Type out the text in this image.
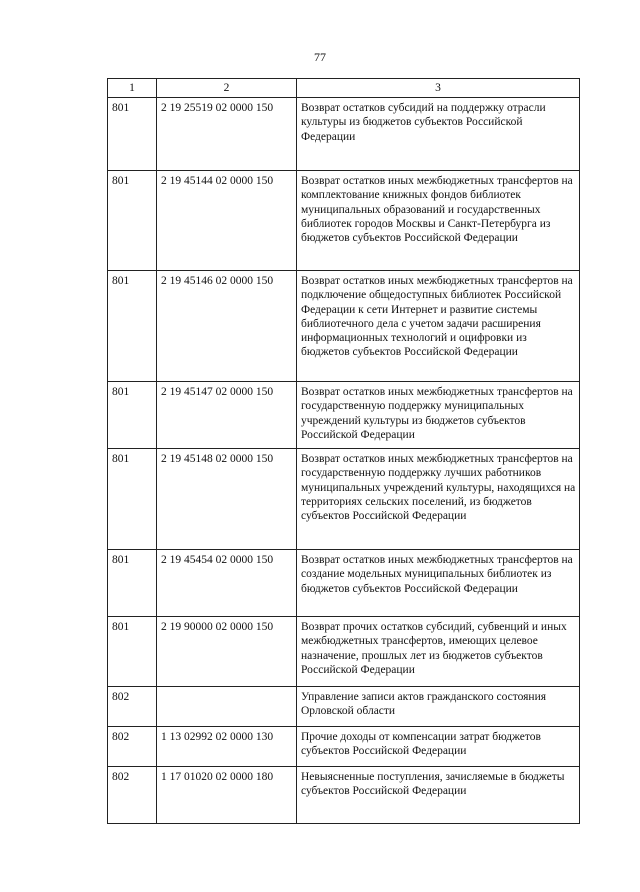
77
1	2	3
801	2 19 25519 02 0000 150	Возврат остатков субсидий на поддержку отрасли культуры из бюджетов субъектов Российской Федерации
801	2 19 45144 02 0000 150	Возврат остатков иных межбюджетных трансфертов на комплектование книжных фондов библиотек муниципальных образований и государственных библиотек городов Москвы и Санкт-Петербурга из бюджетов субъектов Российской Федерации
801	2 19 45146 02 0000 150	Возврат остатков иных межбюджетных трансфертов на подключение общедоступных библиотек Российской Федерации к сети Интернет и развитие системы библиотечного дела с учетом задачи расширения информационных технологий и оцифровки из бюджетов субъектов Российской Федерации
801	2 19 45147 02 0000 150	Возврат остатков иных межбюджетных трансфертов на государственную поддержку муниципальных учреждений культуры из бюджетов субъектов Российской Федерации
801	2 19 45148 02 0000 150	Возврат остатков иных межбюджетных трансфертов на государственную поддержку лучших работников муниципальных учреждений культуры, находящихся на территориях сельских поселений, из бюджетов субъектов Российской Федерации
801	2 19 45454 02 0000 150	Возврат остатков иных межбюджетных трансфертов на создание модельных муниципальных библиотек из бюджетов субъектов Российской Федерации
801	2 19 90000 02 0000 150	Возврат прочих остатков субсидий, субвенций и иных межбюджетных трансфертов, имеющих целевое назначение, прошлых лет из бюджетов субъектов Российской Федерации
802		Управление записи актов гражданского состояния Орловской области
802	1 13 02992 02 0000 130	Прочие доходы от компенсации затрат бюджетов субъектов Российской Федерации
802	1 17 01020 02 0000 180	Невыясненные поступления, зачисляемые в бюджеты субъектов Российской Федерации
